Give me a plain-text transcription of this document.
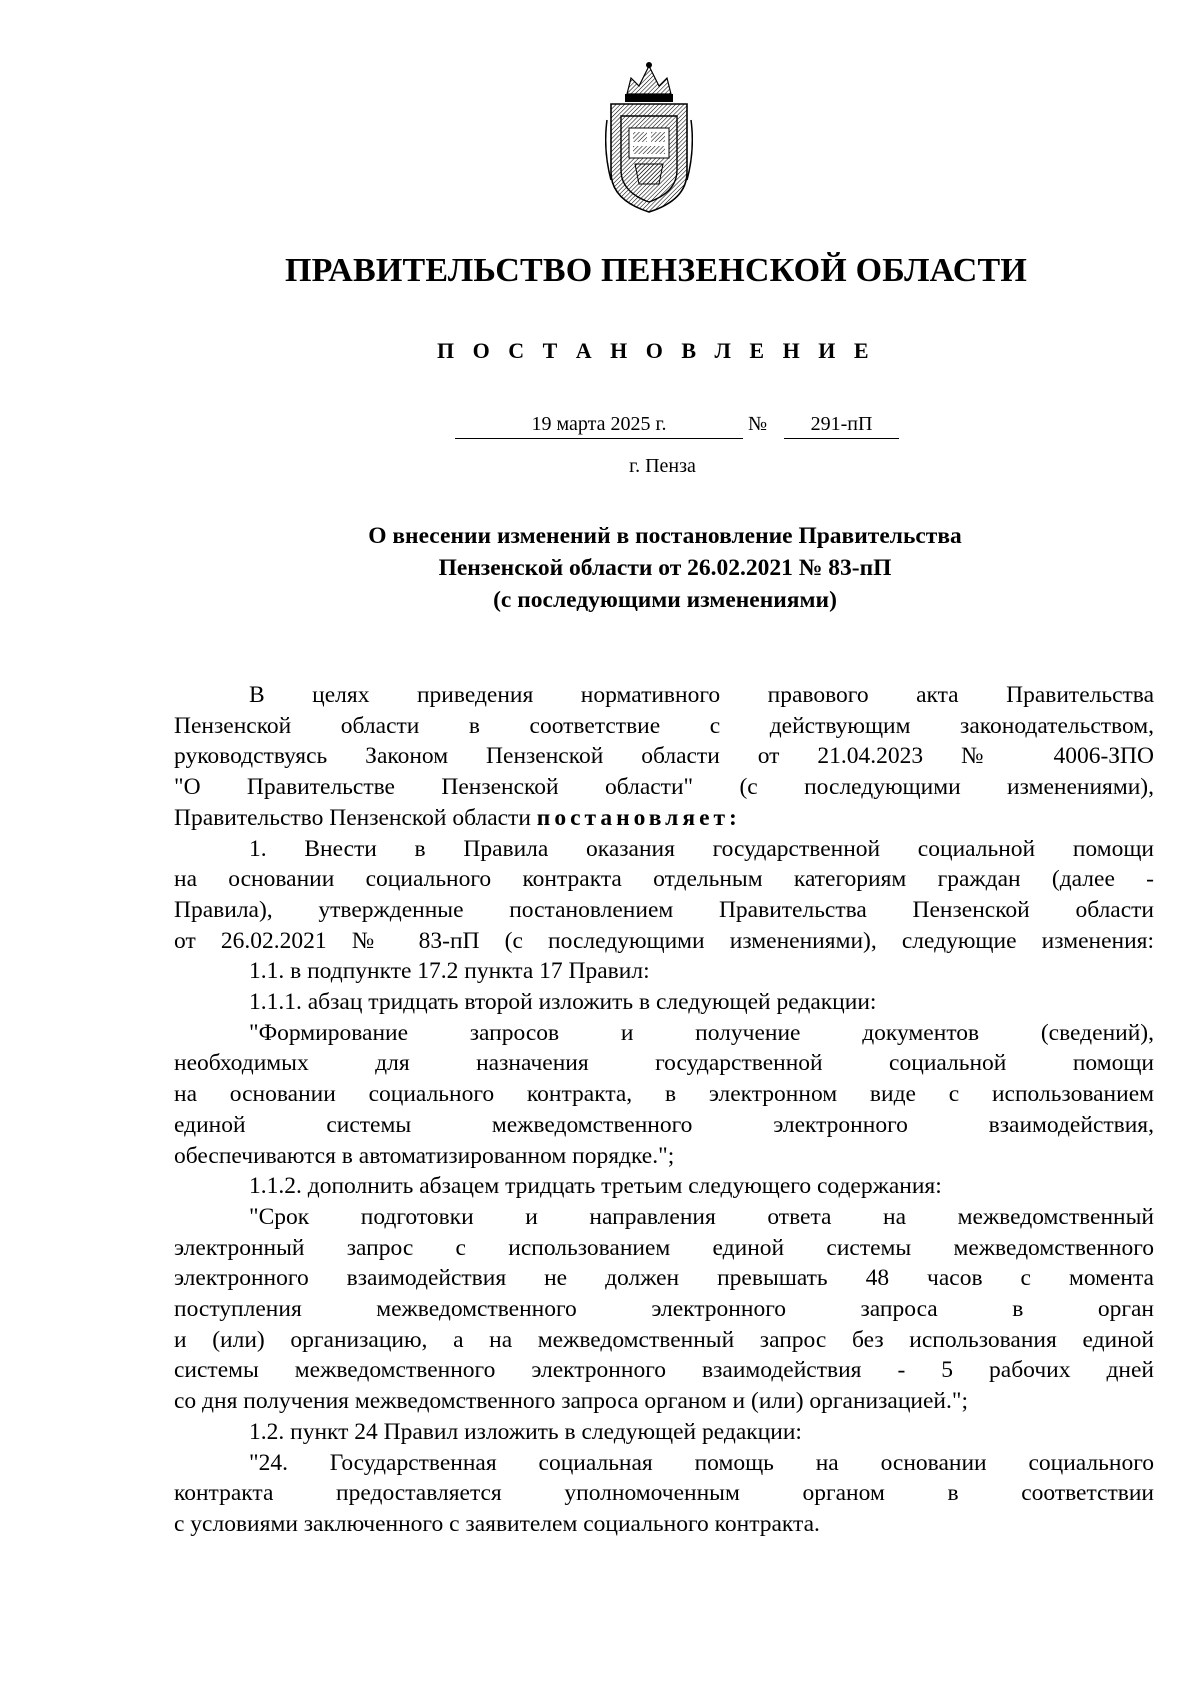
ПРАВИТЕЛЬСТВО ПЕНЗЕНСКОЙ ОБЛАСТИ
П О С Т А Н О В Л Е Н И Е
19 марта 2025 г.	№	291-пП
г. Пенза
О внесении изменений в постановление Правительства
Пензенской области от 26.02.2021 № 83-пП
(с последующими изменениями)

В целях приведения нормативного правового акта Правительства

Пензенской области в соответствие с действующим законодательством,

руководствуясь Законом Пензенской области от 21.04.2023 № 4006-ЗПО

"О Правительстве Пензенской области" (с последующими изменениями),

Правительство Пензенской области постановляет:

1. Внести в Правила оказания государственной социальной помощи

на основании социального контракта отдельным категориям граждан (далее -

Правила), утвержденные постановлением Правительства Пензенской области

от 26.02.2021 № 83-пП (с последующими изменениями), следующие изменения:

1.1. в подпункте 17.2 пункта 17 Правил:

1.1.1. абзац тридцать второй изложить в следующей редакции:

"Формирование запросов и получение документов (сведений),

необходимых для назначения государственной социальной помощи

на основании социального контракта, в электронном виде с использованием

единой системы межведомственного электронного взаимодействия,

обеспечиваются в автоматизированном порядке.";

1.1.2. дополнить абзацем тридцать третьим следующего содержания:

"Срок подготовки и направления ответа на межведомственный

электронный запрос с использованием единой системы межведомственного

электронного взаимодействия не должен превышать 48 часов с момента

поступления межведомственного электронного запроса в орган

и (или) организацию, а на межведомственный запрос без использования единой

системы межведомственного электронного взаимодействия - 5 рабочих дней

со дня получения межведомственного запроса органом и (или) организацией.";

1.2. пункт 24 Правил изложить в следующей редакции:

"24. Государственная социальная помощь на основании социального

контракта предоставляется уполномоченным органом в соответствии

с условиями заключенного с заявителем социального контракта.
